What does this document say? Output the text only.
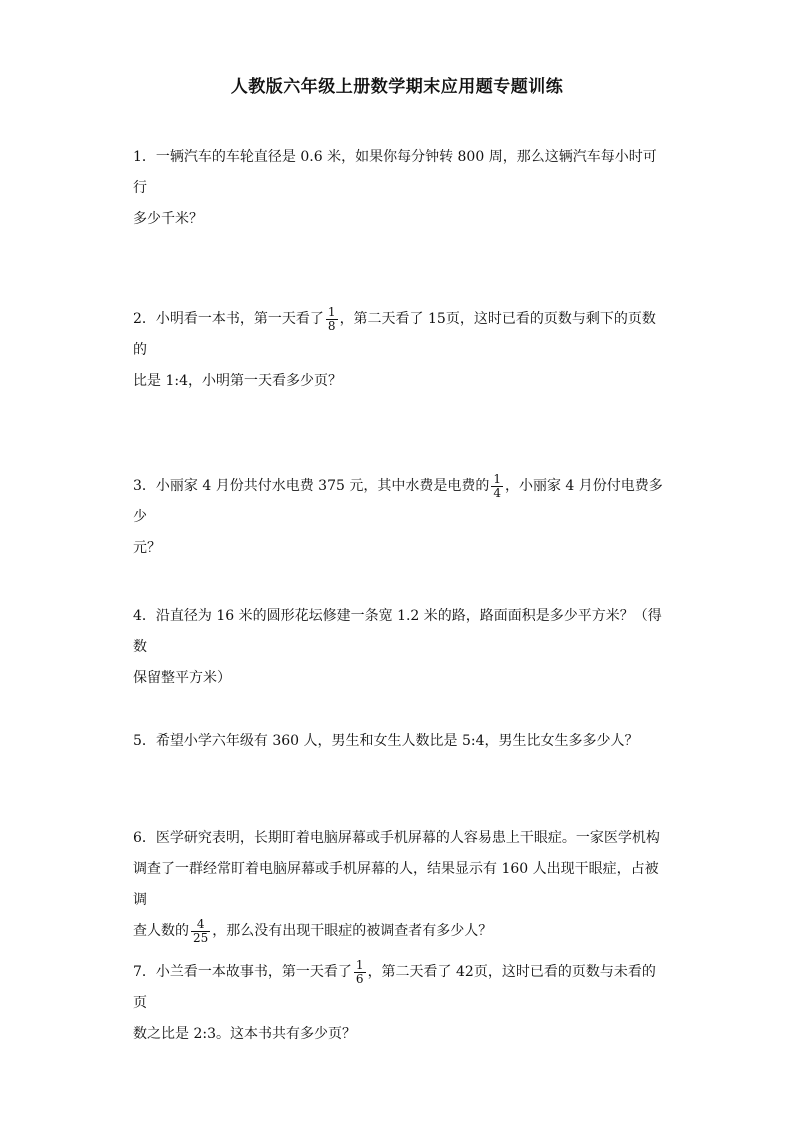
人教版六年级上册数学期末应用题专题训练
1．一辆汽车的车轮直径是 0.6 米，如果你每分钟转 800 周，那么这辆汽车每小时可行
多少千米？
2．小明看一本书，第一天看了 $\frac{1}{8}$ ，第二天看了 15页，这时已看的页数与剩下的页数的
比是 1:4，小明第一天看多少页？
3．小丽家 4 月份共付水电费 375 元，其中水费是电费的 $\frac{1}{4}$ ，小丽家 4 月份付电费多少
元？
4．沿直径为 16 米的圆形花坛修建一条宽 1.2 米的路，路面面积是多少平方米？（得数
保留整平方米）
5．希望小学六年级有 360 人，男生和女生人数比是 5:4，男生比女生多多少人？
6．医学研究表明，长期盯着电脑屏幕或手机屏幕的人容易患上干眼症。一家医学机构
调查了一群经常盯着电脑屏幕或手机屏幕的人，结果显示有 160 人出现干眼症，占被调
查人数的 $\frac{4}{25}$ ，那么没有出现干眼症的被调查者有多少人？
7．小兰看一本故事书，第一天看了 $\frac{1}{6}$ ，第二天看了 42页，这时已看的页数与未看的页
数之比是 2:3。这本书共有多少页？
